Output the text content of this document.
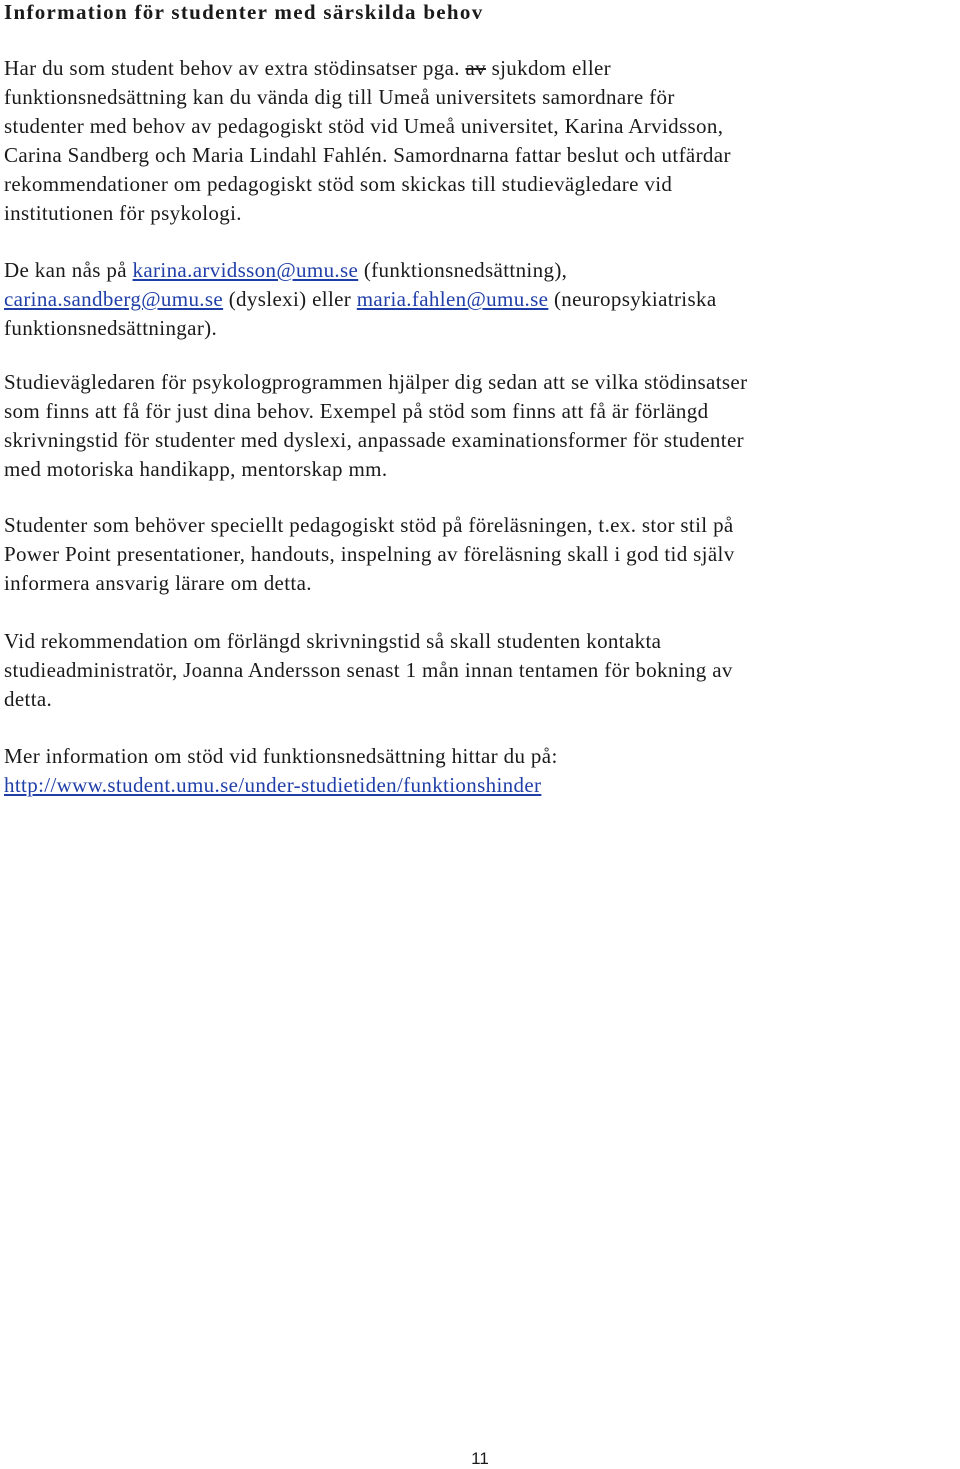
Information för studenter med särskilda behov

Har du som student behov av extra stödinsatser pga. av sjukdom eller
funktionsnedsättning kan du vända dig till Umeå universitets samordnare för
studenter med behov av pedagogiskt stöd vid Umeå universitet, Karina Arvidsson,
Carina Sandberg och Maria Lindahl Fahlén. Samordnarna fattar beslut och utfärdar
rekommendationer om pedagogiskt stöd som skickas till studievägledare vid
institutionen för psykologi.

De kan nås på karina.arvidsson@umu.se (funktionsnedsättning),
carina.sandberg@umu.se (dyslexi) eller maria.fahlen@umu.se (neuropsykiatriska
funktionsnedsättningar).

Studievägledaren för psykologprogrammen hjälper dig sedan att se vilka stödinsatser
som finns att få för just dina behov. Exempel på stöd som finns att få är förlängd
skrivningstid för studenter med dyslexi, anpassade examinationsformer för studenter
med motoriska handikapp, mentorskap mm.

Studenter som behöver speciellt pedagogiskt stöd på föreläsningen, t.ex. stor stil på
Power Point presentationer, handouts, inspelning av föreläsning skall i god tid själv
informera ansvarig lärare om detta.

Vid rekommendation om förlängd skrivningstid så skall studenten kontakta
studieadministratör, Joanna Andersson senast 1 mån innan tentamen för bokning av
detta.

Mer information om stöd vid funktionsnedsättning hittar du på:
http://www.student.umu.se/under-studietiden/funktionshinder

11
